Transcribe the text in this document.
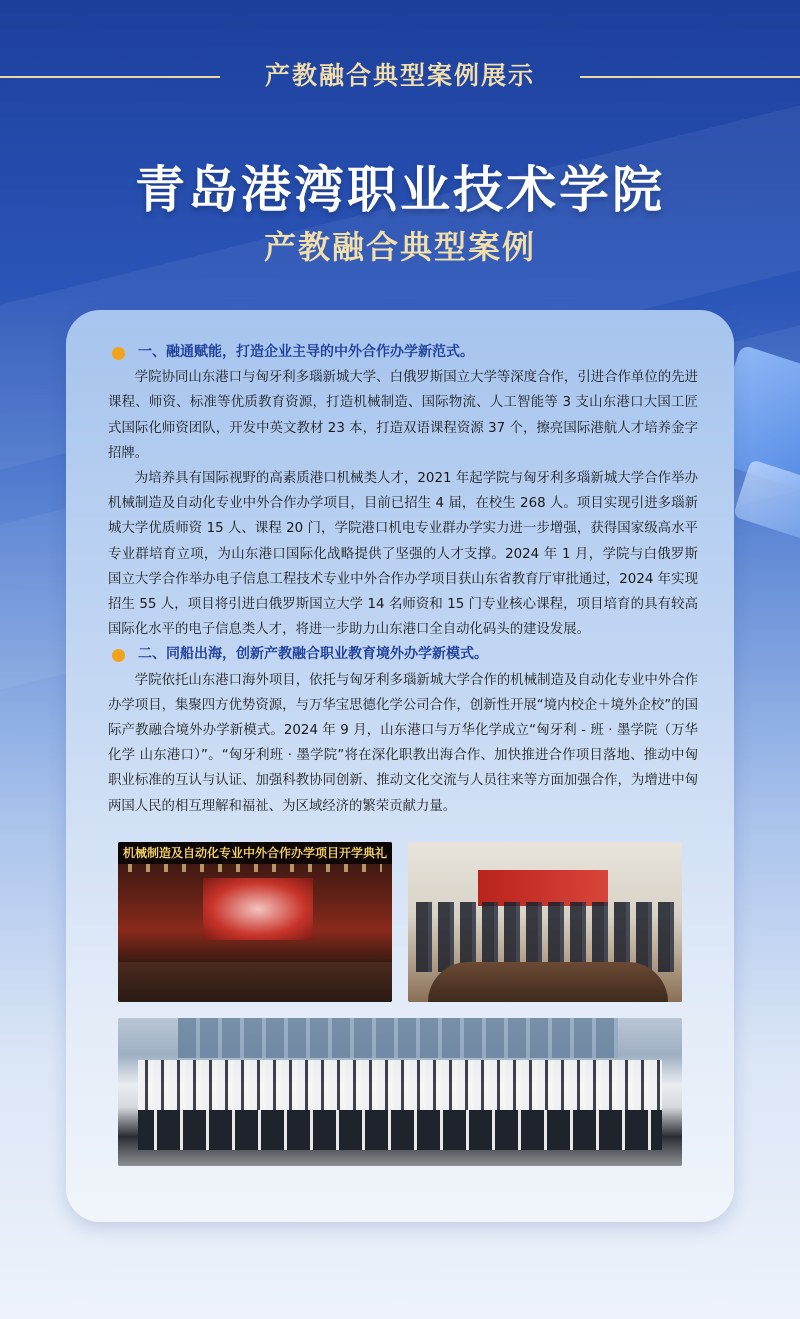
产教融合典型案例展示
青岛港湾职业技术学院
产教融合典型案例
一、融通赋能，打造企业主导的中外合作办学新范式。

学院协同山东港口与匈牙利多瑙新城大学、白俄罗斯国立大学等深度合作，引进合作单位的先进课程、师资、标准等优质教育资源，打造机械制造、国际物流、人工智能等 3 支山东港口大国工匠式国际化师资团队，开发中英文教材 23 本，打造双语课程资源 37 个，擦亮国际港航人才培养金字招牌。

为培养具有国际视野的高素质港口机械类人才，2021 年起学院与匈牙利多瑙新城大学合作举办机械制造及自动化专业中外合作办学项目，目前已招生 4 届，在校生 268 人。项目实现引进多瑙新城大学优质师资 15 人、课程 20 门，学院港口机电专业群办学实力进一步增强，获得国家级高水平专业群培育立项，为山东港口国际化战略提供了坚强的人才支撑。2024 年 1 月，学院与白俄罗斯国立大学合作举办电子信息工程技术专业中外合作办学项目获山东省教育厅审批通过，2024 年实现招生 55 人，项目将引进白俄罗斯国立大学 14 名师资和 15 门专业核心课程，项目培育的具有较高国际化水平的电子信息类人才，将进一步助力山东港口全自动化码头的建设发展。

二、同船出海，创新产教融合职业教育境外办学新模式。

学院依托山东港口海外项目，依托与匈牙利多瑙新城大学合作的机械制造及自动化专业中外合作办学项目，集聚四方优势资源，与万华宝思德化学公司合作，创新性开展“境内校企＋境外企校”的国际产教融合境外办学新模式。2024 年 9 月，山东港口与万华化学成立“匈牙利 - 班 · 墨学院（万华化学 山东港口）”。“匈牙利班 · 墨学院”将在深化职教出海合作、加快推进合作项目落地、推动中匈职业标准的互认与认证、加强科教协同创新、推动文化交流与人员往来等方面加强合作，为增进中匈两国人民的相互理解和福祉、为区域经济的繁荣贡献力量。

机械制造及自动化专业中外合作办学项目开学典礼
